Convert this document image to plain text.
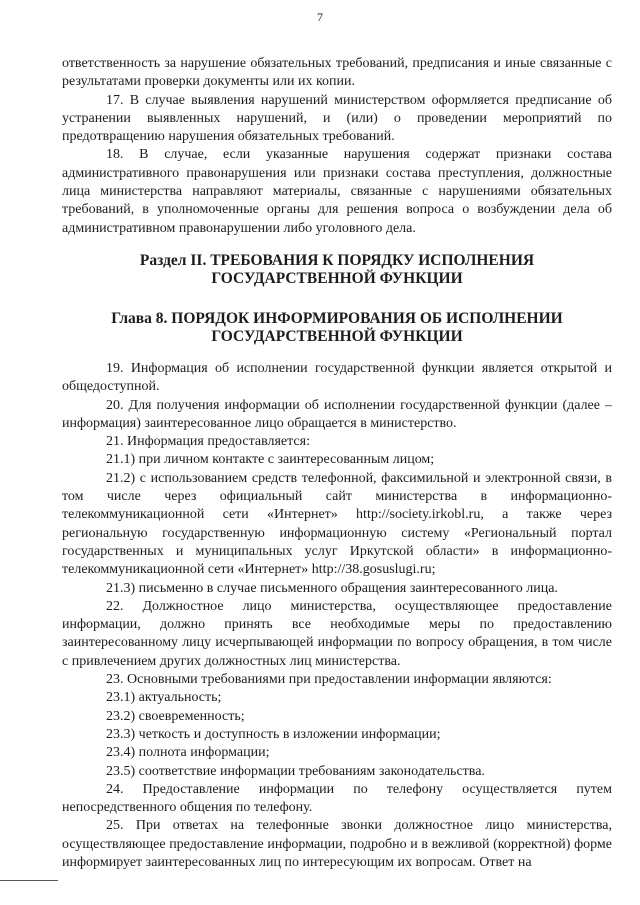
7

ответственность за нарушение обязательных требований, предписания и иные связанные с результатами проверки документы или их копии.

17. В случае выявления нарушений министерством оформляется предписание об устранении выявленных нарушений, и (или) о проведении мероприятий по предотвращению нарушения обязательных требований.

18. В случае, если указанные нарушения содержат признаки состава административного правонарушения или признаки состава преступления, должностные лица министерства направляют материалы, связанные с нарушениями обязательных требований, в уполномоченные органы для решения вопроса о возбуждении дела об административном правонарушении либо уголовного дела.

Раздел II. ТРЕБОВАНИЯ К ПОРЯДКУ ИСПОЛНЕНИЯ ГОСУДАРСТВЕННОЙ ФУНКЦИИ
Глава 8. ПОРЯДОК ИНФОРМИРОВАНИЯ ОБ ИСПОЛНЕНИИ ГОСУДАРСТВЕННОЙ ФУНКЦИИ

19. Информация об исполнении государственной функции является открытой и общедоступной.

20. Для получения информации об исполнении государственной функции (далее – информация) заинтересованное лицо обращается в министерство.

21. Информация предоставляется:

21.1) при личном контакте с заинтересованным лицом;

21.2) с использованием средств телефонной, факсимильной и электронной связи, в том числе через официальный сайт министерства в информационно-телекоммуникационной сети «Интернет» http://society.irkobl.ru, а также через региональную государственную информационную систему «Региональный портал государственных и муниципальных услуг Иркутской области» в информационно-телекоммуникационной сети «Интернет» http://38.gosuslugi.ru;

21.3) письменно в случае письменного обращения заинтересованного лица.

22. Должностное лицо министерства, осуществляющее предоставление информации, должно принять все необходимые меры по предоставлению заинтересованному лицу исчерпывающей информации по вопросу обращения, в том числе с привлечением других должностных лиц министерства.

23. Основными требованиями при предоставлении информации являются:

23.1) актуальность;

23.2) своевременность;

23.3) четкость и доступность в изложении информации;

23.4) полнота информации;

23.5) соответствие информации требованиям законодательства.

24. Предоставление информации по телефону осуществляется путем непосредственного общения по телефону.

25. При ответах на телефонные звонки должностное лицо министерства, осуществляющее предоставление информации, подробно и в вежливой (корректной) форме информирует заинтересованных лиц по интересующим их вопросам. Ответ на
